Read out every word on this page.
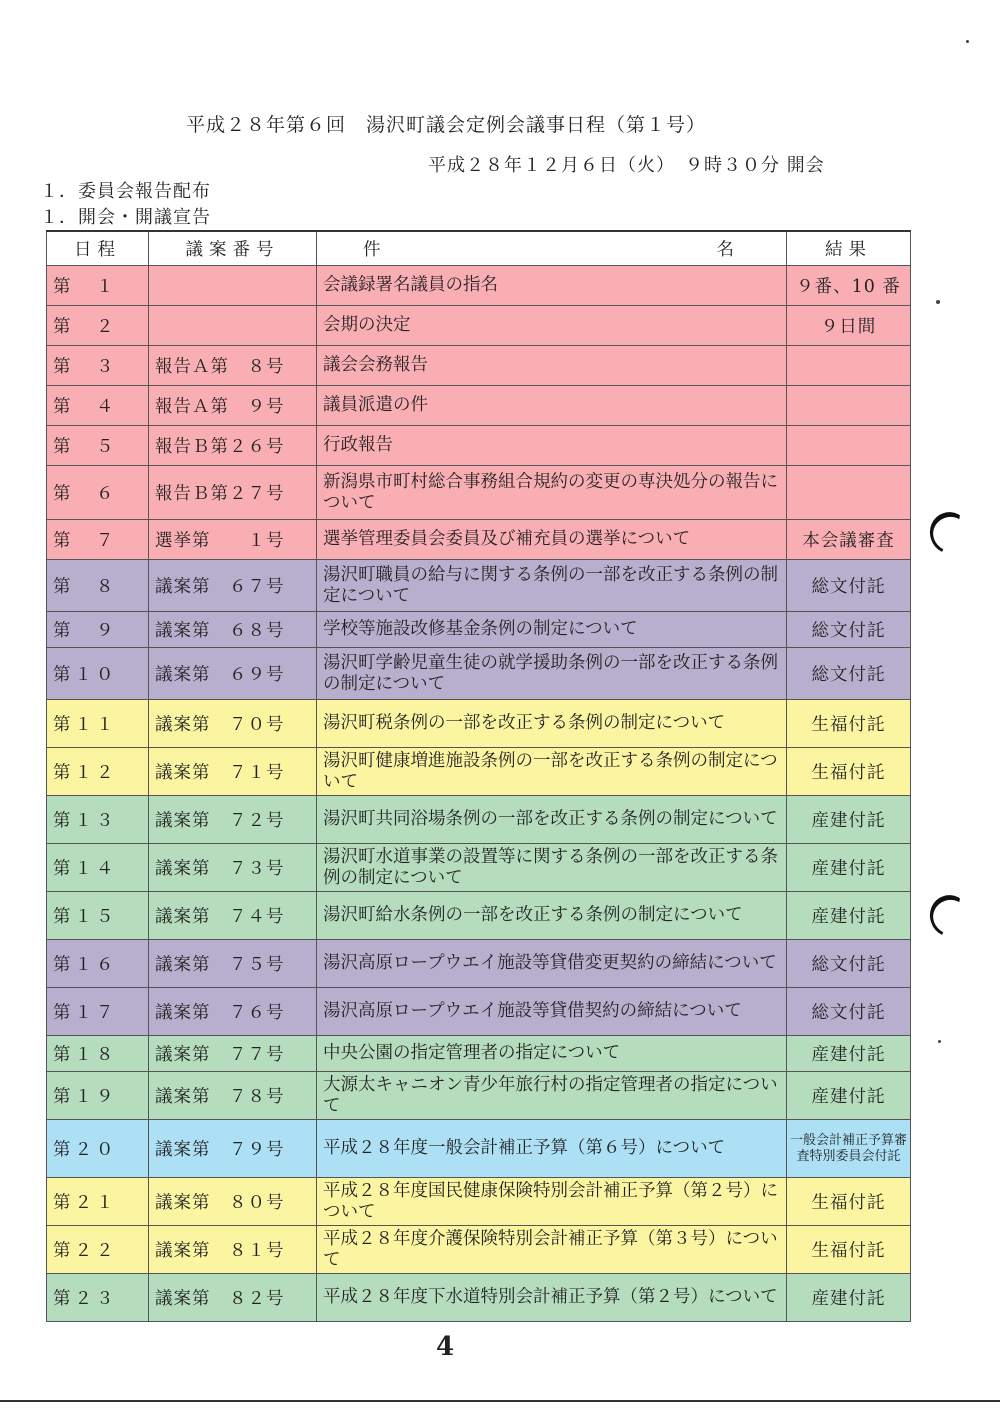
平成２８年第６回　湯沢町議会定例会議事日程（第１号）
平成２８年１２月６日（火）　９時３０分 開会
１．委員会報告配布
１．開会・開議宣告
日程	議案番号	件 名	結果
第　１		会議録署名議員の指名	９番、10 番
第　２		会期の決定	９日間
第　３	報告Ａ第　８号	議会会務報告	
第　４	報告Ａ第　９号	議員派遣の件	
第　５	報告Ｂ第２６号	行政報告	
第　６	報告Ｂ第２７号	新潟県市町村総合事務組合規約の変更の専決処分の報告について	
第　７	選挙第　　１号	選挙管理委員会委員及び補充員の選挙について	本会議審査
第　８	議案第　６７号	湯沢町職員の給与に関する条例の一部を改正する条例の制定について	総文付託
第　９	議案第　６８号	学校等施設改修基金条例の制定について	総文付託
第１０	議案第　６９号	湯沢町学齢児童生徒の就学援助条例の一部を改正する条例の制定について	総文付託
第１１	議案第　７０号	湯沢町税条例の一部を改正する条例の制定について	生福付託
第１２	議案第　７１号	湯沢町健康増進施設条例の一部を改正する条例の制定について	生福付託
第１３	議案第　７２号	湯沢町共同浴場条例の一部を改正する条例の制定について	産建付託
第１４	議案第　７３号	湯沢町水道事業の設置等に関する条例の一部を改正する条例の制定について	産建付託
第１５	議案第　７４号	湯沢町給水条例の一部を改正する条例の制定について	産建付託
第１６	議案第　７５号	湯沢高原ロープウエイ施設等貸借変更契約の締結について	総文付託
第１７	議案第　７６号	湯沢高原ロープウエイ施設等貸借契約の締結について	総文付託
第１８	議案第　７７号	中央公園の指定管理者の指定について	産建付託
第１９	議案第　７８号	大源太キャニオン青少年旅行村の指定管理者の指定について	産建付託
第２０	議案第　７９号	平成２８年度一般会計補正予算（第６号）について	一般会計補正予算審査特別委員会付託
第２１	議案第　８０号	平成２８年度国民健康保険特別会計補正予算（第２号）について	生福付託
第２２	議案第　８１号	平成２８年度介護保険特別会計補正予算（第３号）について	生福付託
第２３	議案第　８２号	平成２８年度下水道特別会計補正予算（第２号）について	産建付託
4
